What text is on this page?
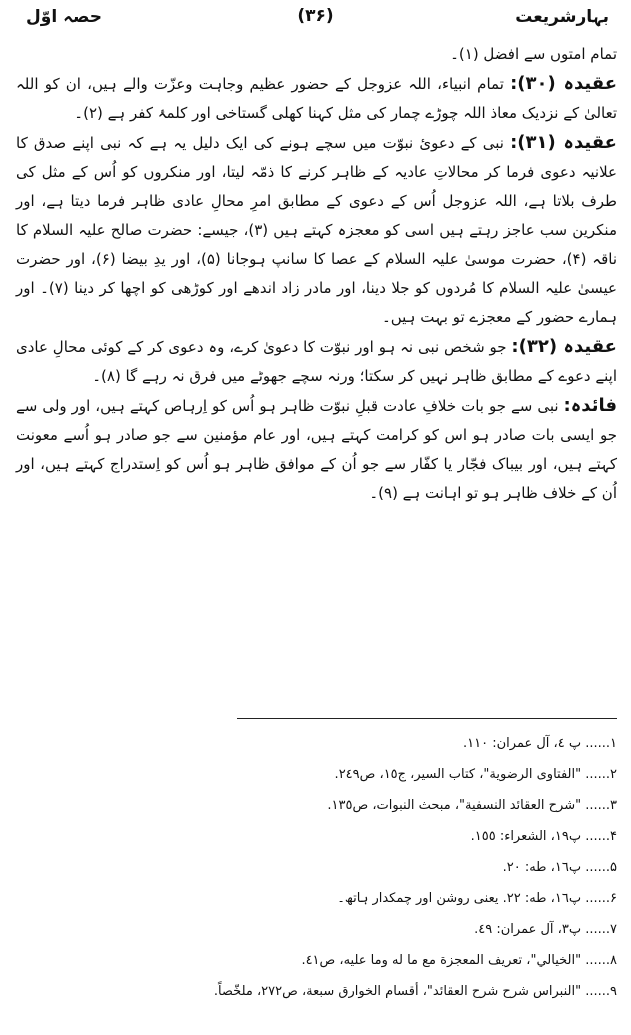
بہارشریعت
(۳۶)
حصہ اوّل

تمام امتوں سے افضل (۱)۔

عقیدہ (۳۰): تمام انبیاء، اللہ عزوجل کے حضور عظیم وجاہت وعزّت والے ہیں، ان کو اللہ تعالیٰ کے نزدیک معاذ اللہ چوڑے چمار کی مثل کہنا کھلی گستاخی اور کلمۂ کفر ہے (۲)۔

عقیدہ (۳۱): نبی کے دعوئ نبوّت میں سچے ہونے کی ایک دلیل یہ ہے کہ نبی اپنے صدق کا علانیہ دعوی فرما کر محالاتِ عادیہ کے ظاہر کرنے کا ذمّہ لیتا، اور منکروں کو اُس کے مثل کی طرف بلاتا ہے، اللہ عزوجل اُس کے دعوی کے مطابق امرِ محالِ عادی ظاہر فرما دیتا ہے، اور منکرین سب عاجز رہتے ہیں اسی کو معجزہ کہتے ہیں (۳)، جیسے: حضرت صالح علیہ السلام کا ناقہ (۴)، حضرت موسیٰ علیہ السلام کے عصا کا سانپ ہوجانا (۵)، اور یدِ بیضا (۶)، اور حضرت عیسیٰ علیہ السلام کا مُردوں کو جلا دینا، اور مادر زاد اندھے اور کوڑھی کو اچھا کر دینا (۷)۔ اور ہمارے حضور کے معجزے تو بہت ہیں۔

عقیدہ (۳۲): جو شخص نبی نہ ہو اور نبوّت کا دعویٰ کرے، وہ دعوی کر کے کوئی محالِ عادی اپنے دعوے کے مطابق ظاہر نہیں کر سکتا؛ ورنہ سچے جھوٹے میں فرق نہ رہے گا (۸)۔

فائدہ: نبی سے جو بات خلافِ عادت قبلِ نبوّت ظاہر ہو اُس کو اِرہاص کہتے ہیں، اور ولی سے جو ایسی بات صادر ہو اس کو کرامت کہتے ہیں، اور عام مؤمنین سے جو صادر ہو اُسے معونت کہتے ہیں، اور بیباک فجّار یا کفّار سے جو اُن کے موافق ظاہر ہو اُس کو اِستدراج کہتے ہیں، اور اُن کے خلاف ظاہر ہو تو اہانت ہے (۹)۔

۱...... پ ٤، آل عمران: ١١٠.
۲...... "الفتاوی الرضویة"، کتاب السیر، ج١٥، ص٢٤٩.
۳...... "شرح العقائد النسفیة"، مبحث النبوات، ص١٣٥.
۴...... پ١٩، الشعراء: ١٥٥.
۵...... پ١٦، طه: ٢٠.
۶...... پ١٦، طه: ٢٢. یعنی روشن اور چمکدار ہاتھ۔
۷...... پ٣، آل عمران: ٤٩.
۸...... "الخیالي"، تعریف المعجزة مع ما له وما علیه، ص٤١.
۹...... "النبراس شرح شرح العقائد"، أقسام الخوارق سبعة، ص٢٧٢، ملخّصاً.
